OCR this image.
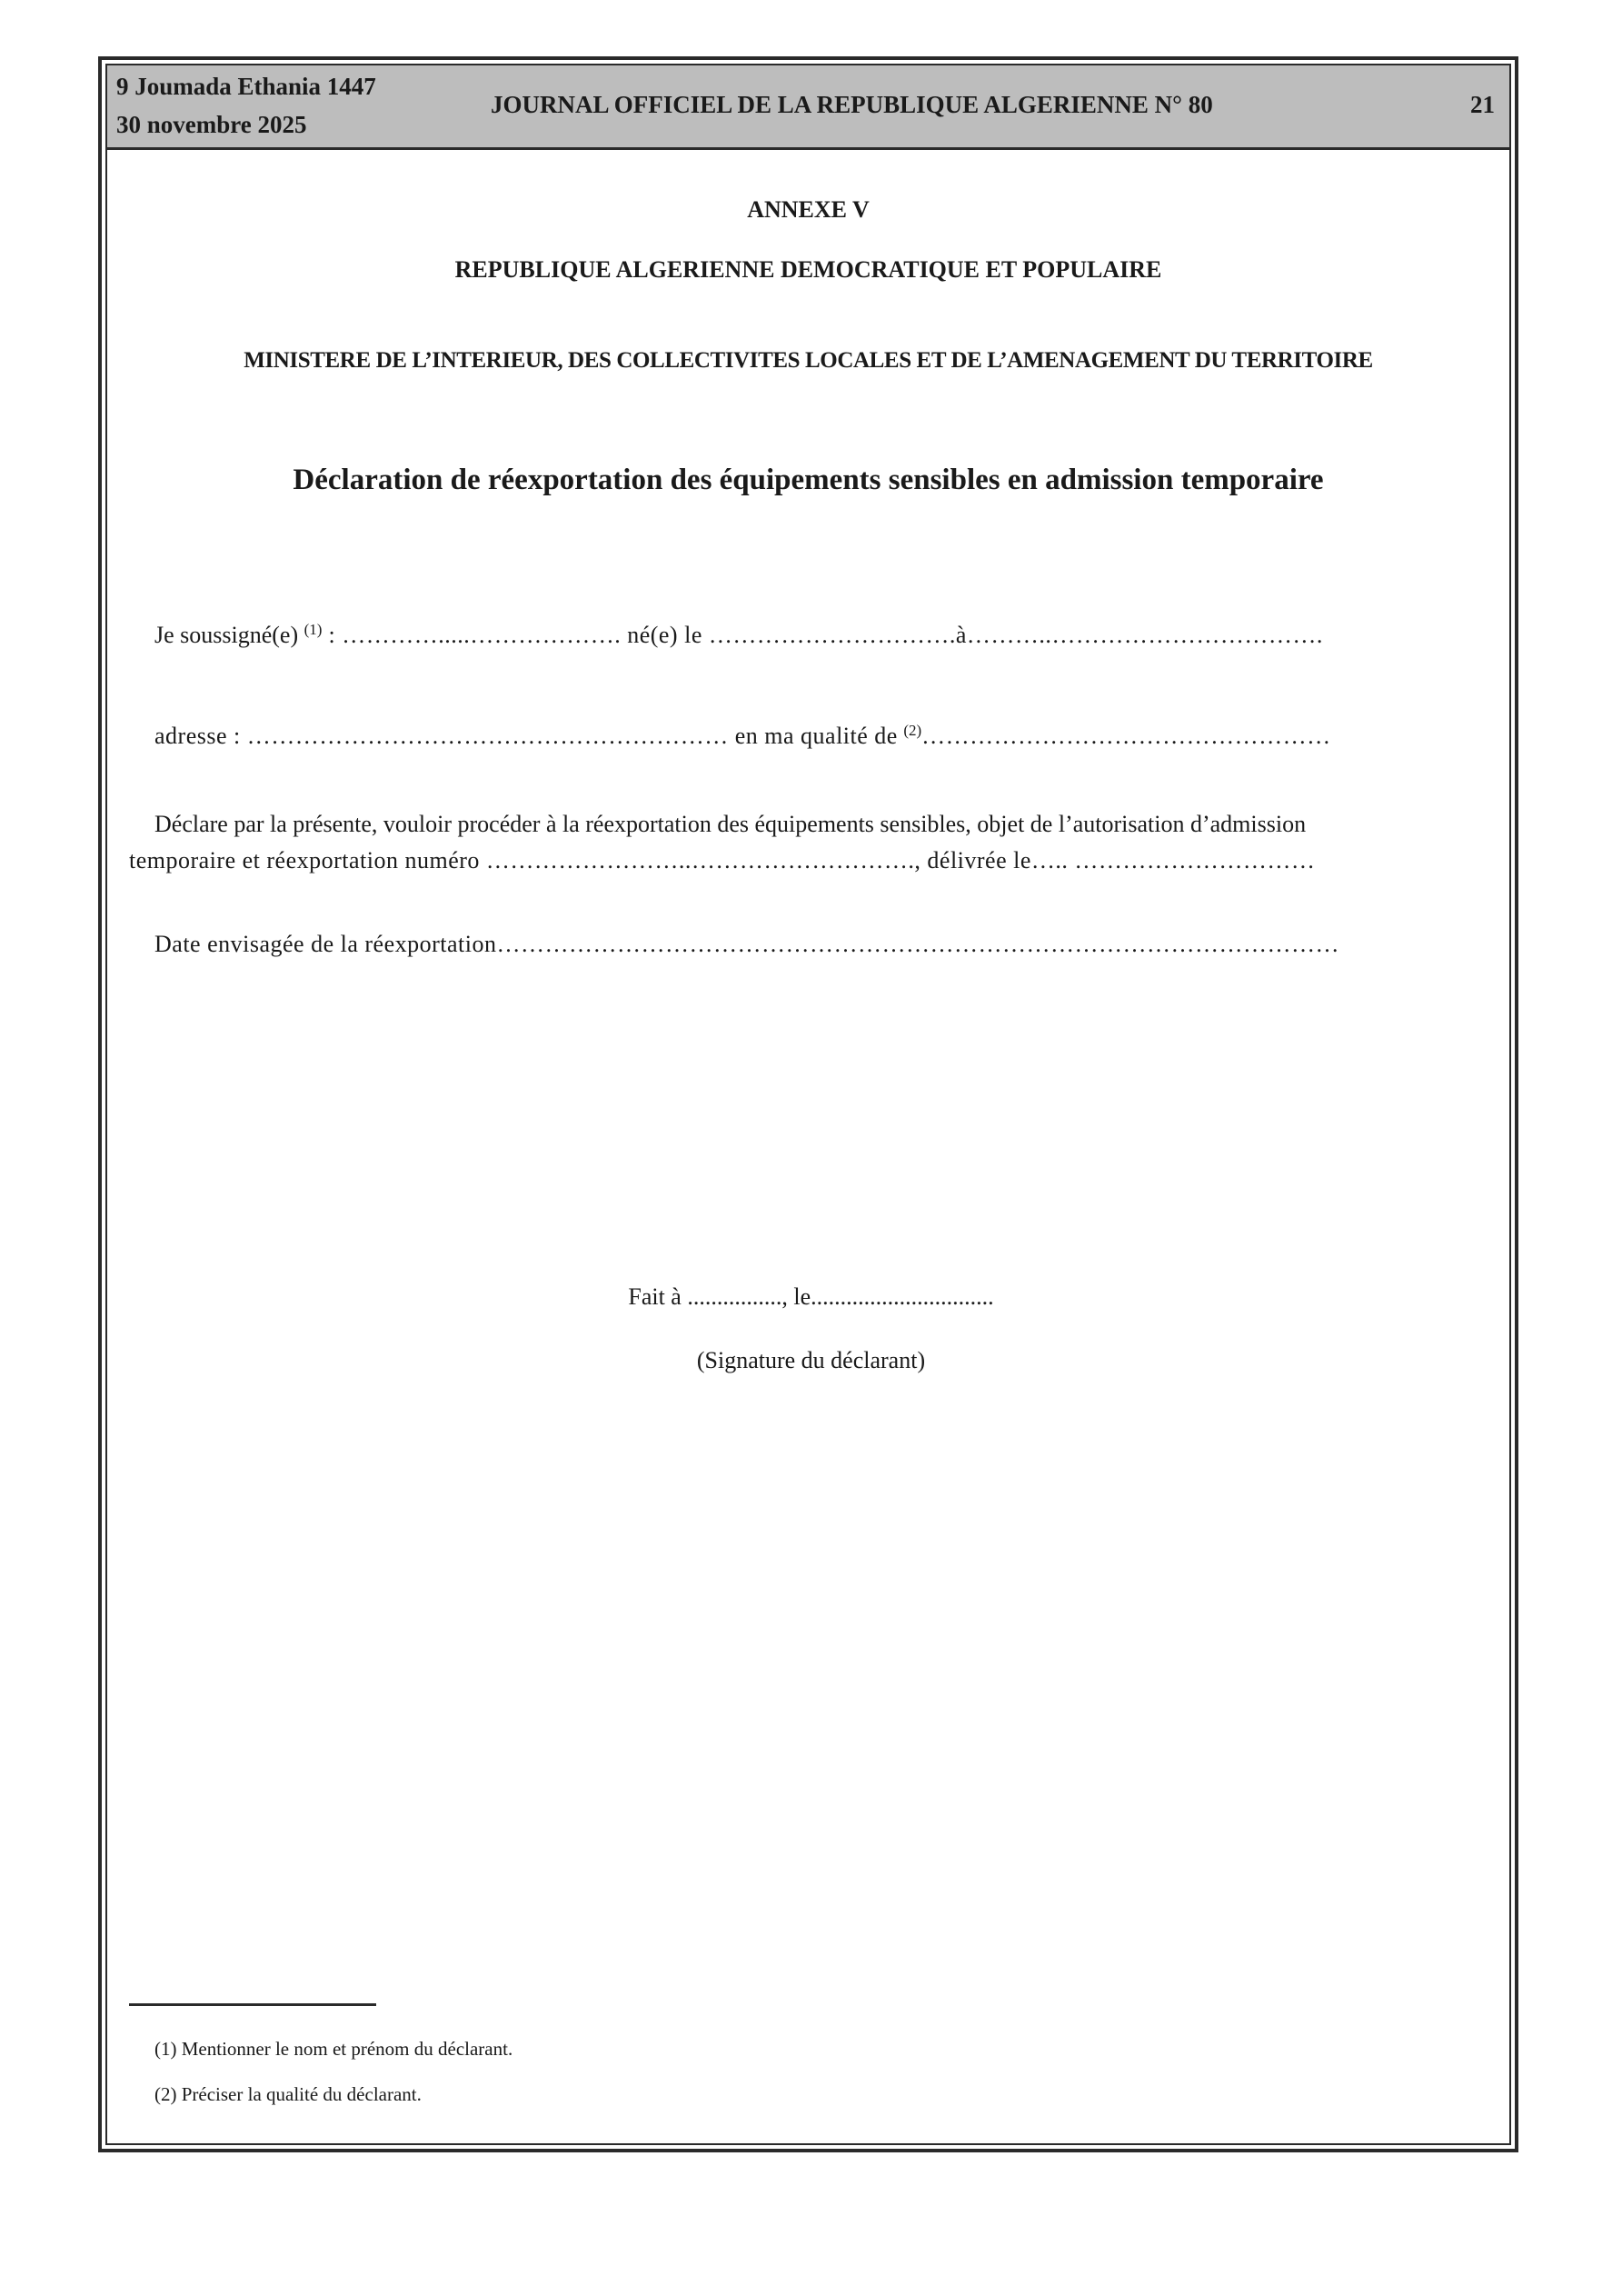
9 Joumada Ethania 1447
30 novembre 2025
JOURNAL OFFICIEL DE LA REPUBLIQUE ALGERIENNE N° 80	21
ANNEXE V
REPUBLIQUE ALGERIENNE DEMOCRATIQUE ET POPULAIRE
MINISTERE DE L’INTERIEUR, DES COLLECTIVITES LOCALES ET DE L’AMENAGEMENT DU TERRITOIRE
Déclaration de réexportation des équipements sensibles en admission temporaire
Je soussigné(e) $^{(1)}$ : ………….....………………. né(e) le ………………………….à………..…………………………….
adresse : …………………………………………………… en ma qualité de $^{(2)}$……………………………………………
Déclare par la présente, vouloir procéder à la réexportation des équipements sensibles, objet de l’autorisation d’admission
temporaire et réexportation numéro ……………………..………………………., délivrée le….. …………………………
Date envisagée de la réexportation……………………………………………………………………………………………
Fait à ................, le...............................
(Signature du déclarant)
(1) Mentionner le nom et prénom du déclarant.
(2) Préciser la qualité du déclarant.
